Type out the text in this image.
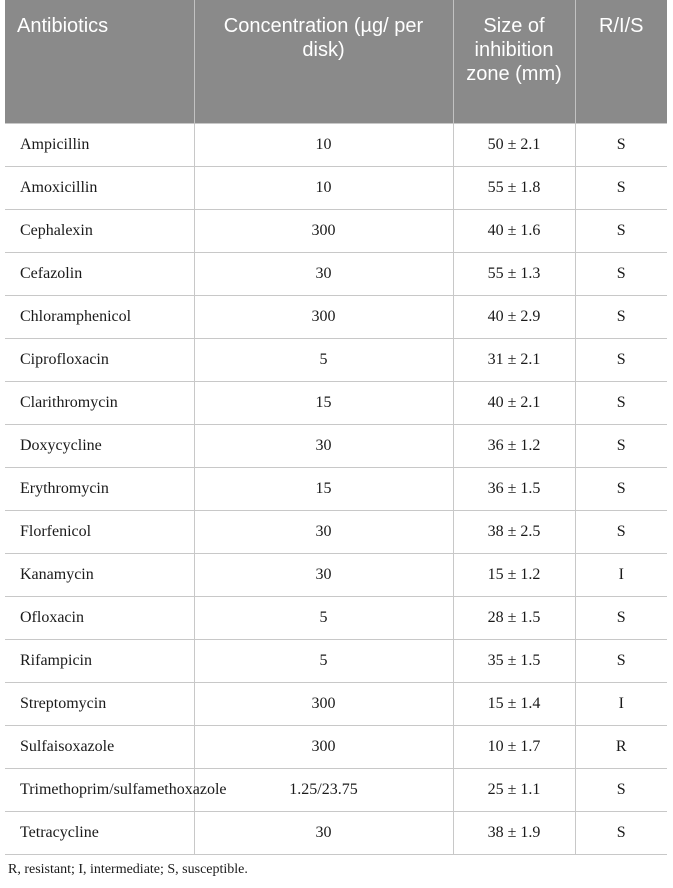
Antibiotics	Concentration (µg/ per disk)	Size of inhibition zone (mm)	R/I/S
Ampicillin	10	50 ± 2.1	S
Amoxicillin	10	55 ± 1.8	S
Cephalexin	300	40 ± 1.6	S
Cefazolin	30	55 ± 1.3	S
Chloramphenicol	300	40 ± 2.9	S
Ciprofloxacin	5	31 ± 2.1	S
Clarithromycin	15	40 ± 2.1	S
Doxycycline	30	36 ± 1.2	S
Erythromycin	15	36 ± 1.5	S
Florfenicol	30	38 ± 2.5	S
Kanamycin	30	15 ± 1.2	I
Ofloxacin	5	28 ± 1.5	S
Rifampicin	5	35 ± 1.5	S
Streptomycin	300	15 ± 1.4	I
Sulfaisoxazole	300	10 ± 1.7	R
Trimethoprim/sulfamethoxazole	1.25/23.75	25 ± 1.1	S
Tetracycline	30	38 ± 1.9	S

R, resistant; I, intermediate; S, susceptible.
